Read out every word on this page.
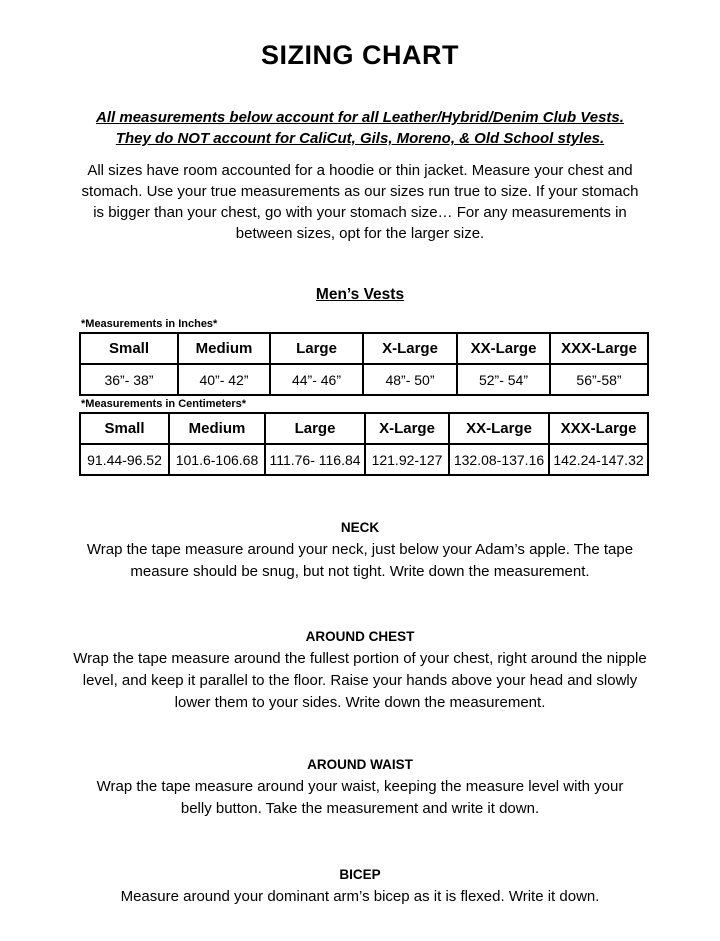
SIZING CHART
All measurements below account for all Leather/Hybrid/Denim Club Vests.
They do NOT account for CaliCut, Gils, Moreno, & Old School styles.

All sizes have room accounted for a hoodie or thin jacket. Measure your chest and stomach. Use your true measurements as our sizes run true to size. If your stomach is bigger than your chest, go with your stomach size… For any measurements in between sizes, opt for the larger size.

Men’s Vests
*Measurements in Inches*
Small	Medium	Large	X-Large	XX-Large	XXX-Large
36”- 38”	40”- 42”	44”- 46”	48”- 50”	52”- 54”	56”-58”
*Measurements in Centimeters*
Small	Medium	Large	X-Large	XX-Large	XXX-Large
91.44-96.52	101.6-106.68	111.76- 116.84	121.92-127	132.08-137.16	142.24-147.32
NECK

Wrap the tape measure around your neck, just below your Adam’s apple. The tape measure should be snug, but not tight. Write down the measurement.

AROUND CHEST

Wrap the tape measure around the fullest portion of your chest, right around the nipple level, and keep it parallel to the floor. Raise your hands above your head and slowly lower them to your sides. Write down the measurement.

AROUND WAIST

Wrap the tape measure around your waist, keeping the measure level with your belly button. Take the measurement and write it down.

BICEP

Measure around your dominant arm’s bicep as it is flexed. Write it down.
